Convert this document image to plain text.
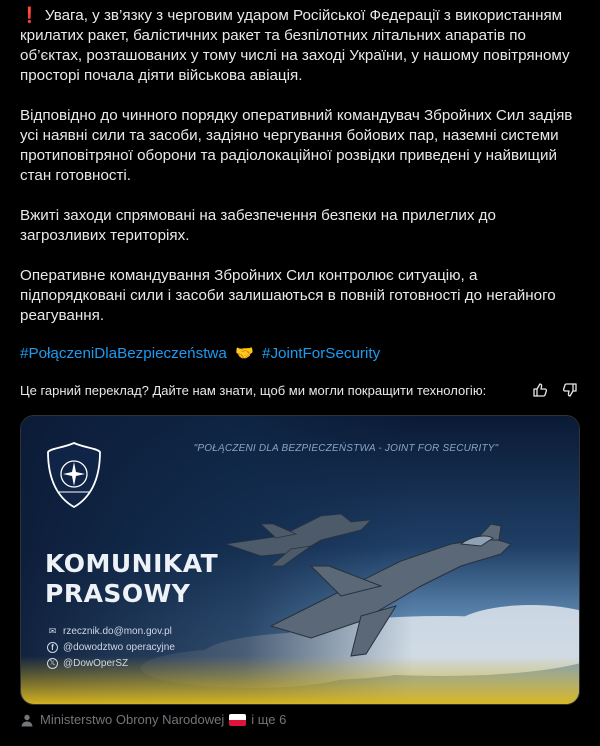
❗ Увага, у зв’язку з черговим ударом Російської Федерації з використанням крилатих ракет, балістичних ракет та безпілотних літальних апаратів по об’єктах, розташованих у тому числі на заході України, у нашому повітряному просторі почала діяти військова авіація.

Відповідно до чинного порядку оперативний командувач Збройних Сил задіяв усі наявні сили та засоби, задіяно чергування бойових пар, наземні системи протиповітряної оборони та радіолокаційної розвідки приведені у найвищий стан готовності.

Вжиті заходи спрямовані на забезпечення безпеки на прилеглих до загрозливих територіях.

Оперативне командування Збройних Сил контролює ситуацію, а підпорядковані сили і засоби залишаються в повній готовності до негайного реагування.

#PołączeniDlaBezpieczeństwa 🤝 #JointForSecurity

Це гарний переклад? Дайте нам знати, щоб ми могли покращити технологію:
"POŁĄCZENI DLA BEZPIECZEŃSTWA - JOINT FOR SECURITY"
KOMUNIKAT
PRASOWY
✉ rzecznik.do@mon.gov.pl
f @dowodztwo operacyjne
𝕏 @DowOperSZ
Ministerstwo Obrony Narodowej і ще 6
